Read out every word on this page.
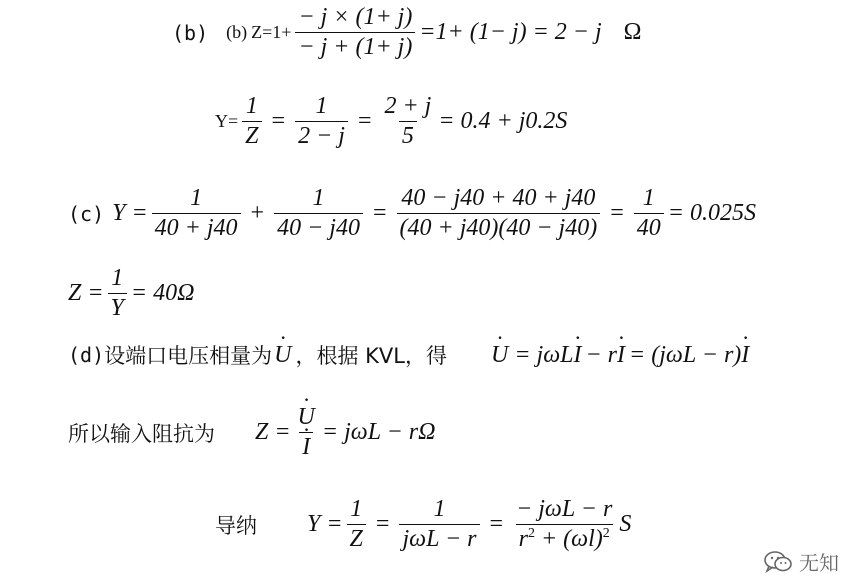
(b) (b) $Z=1+ \frac{- j \times (1+ j)}{- j + (1+ j)} =1+ (1- j) = 2 - j$ Ω
$Y= \frac{1}{Z} = \frac{1}{2 - j} = \frac{2 + j}{5} = 0.4 + j0.2S$
(c) $Y = \frac{1}{40 + j40} + \frac{1}{40 - j40} = \frac{40 - j40 + 40 + j40}{(40 + j40)(40 - j40)} = \frac{1}{40} = 0.025S$
$Z = \frac{1}{Y} = 40\Omega$
(d) 设端口电压相量为 · U ，根据 KVL，得 · U = jωL · I − r · I = (jωL − r) · I
所以输入阻抗为 Z = · U
· I = jωL − rΩ
导纳 $Y = \frac{1}{Z} = \frac{1}{\text{jωL − r}} = \frac{\text{− jωL − r}}{r^2 + (\omega l)^2}$ S
无知
